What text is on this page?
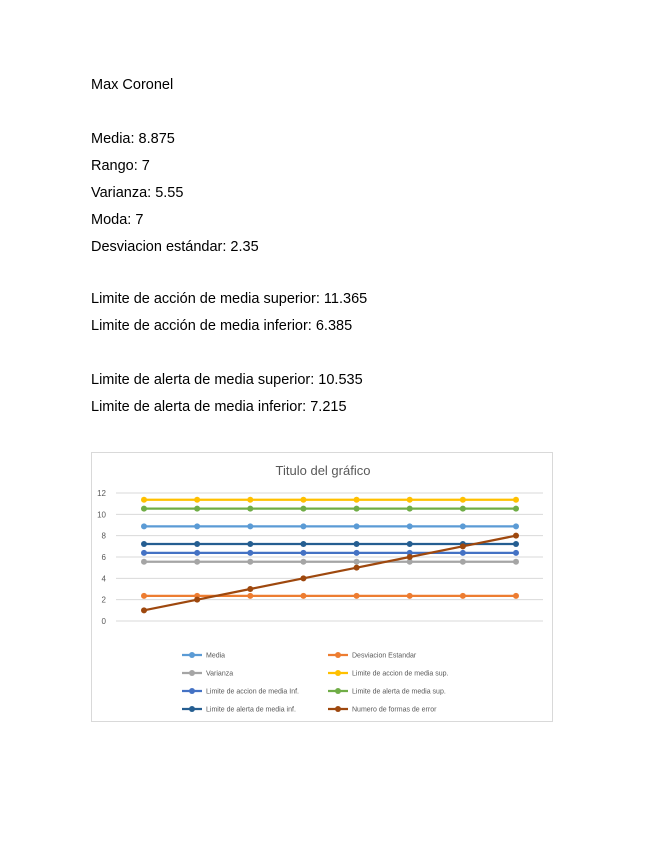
Max Coronel
Media: 8.875
Rango: 7
Varianza: 5.55
Moda: 7
Desviacion estándar: 2.35
Limite de acción de media superior: 11.365
Limite de acción de media inferior: 6.385
Limite de alerta de media superior: 10.535
Limite de alerta de media inferior: 7.215
Titulo del gráfico
0
2
4
6
8
10
12
Media	Desviacion Estandar
Varianza	Limite de accion de media sup.
Limite de accion de media Inf.	Limite de alerta de media sup.
Limite de alerta de media inf.	Numero de formas de error
